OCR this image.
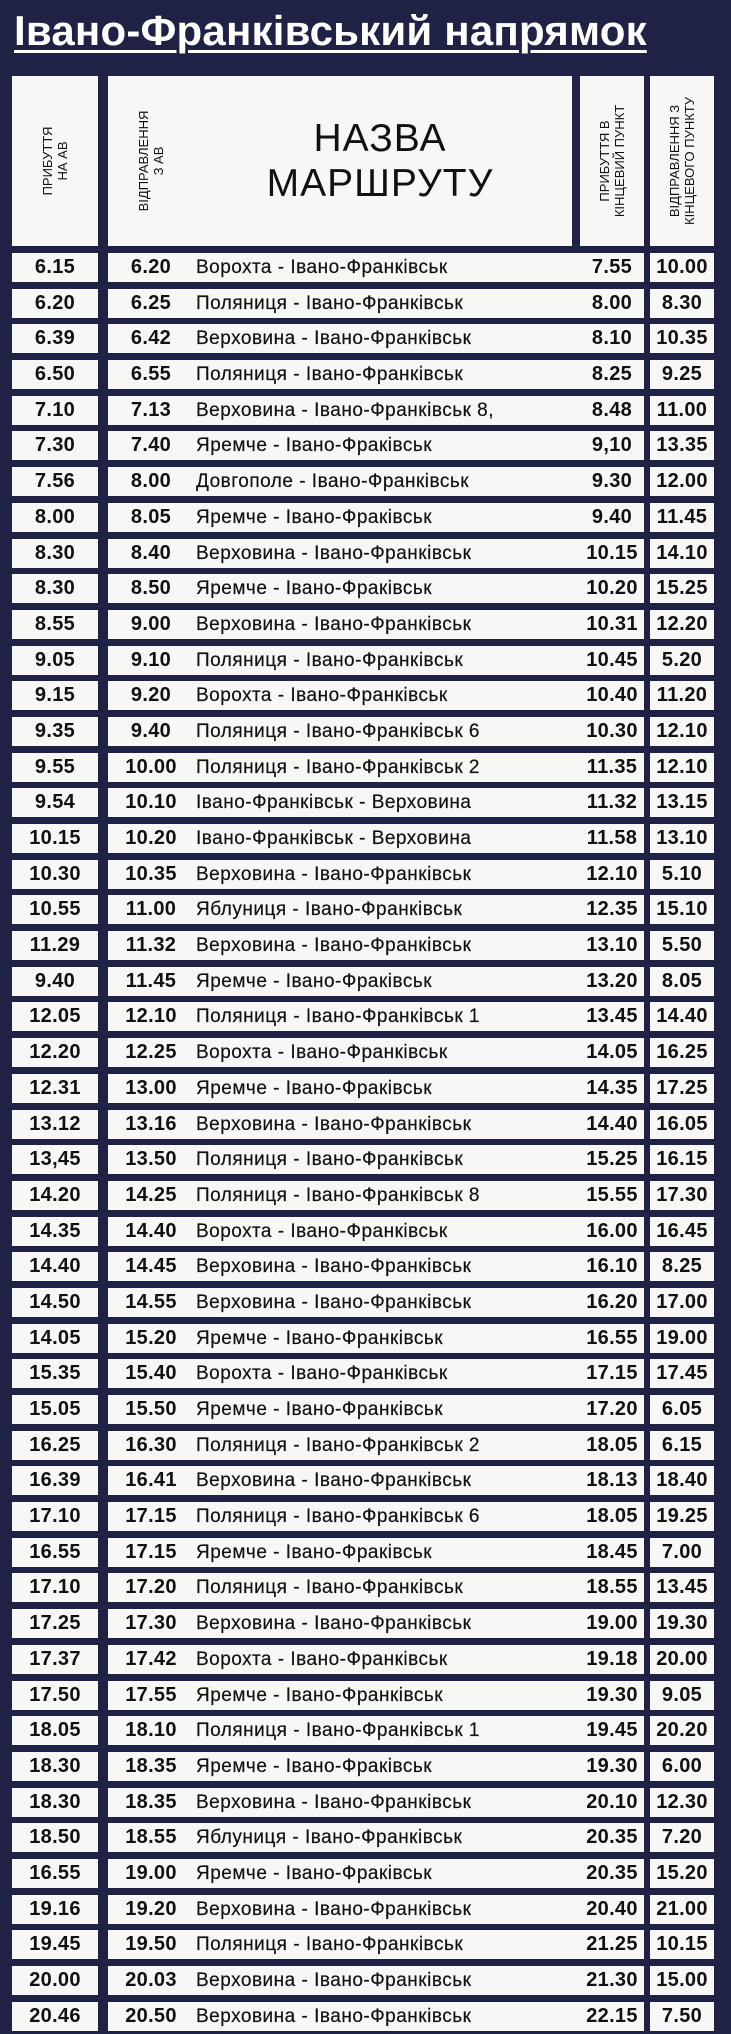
Івано-Франківський напрямок
ПРИБУТТЯ
НА АВ	ВІДПРАВЛЕННЯ
З АВ	НАЗВА
МАРШРУТУ	ПРИБУТТЯ В
КІНЦЕВИЙ ПУНКТ	ВІДПРАВЛЕННЯ З
КІНЦЕВОГО ПУНКТУ
6.15	6.20	Ворохта - Івано-Франківськ	7.55	10.00
6.20	6.25	Поляниця - Івано-Франківськ	8.00	8.30
6.39	6.42	Верховина - Івано-Франківськ	8.10	10.35
6.50	6.55	Поляниця - Івано-Франківськ	8.25	9.25
7.10	7.13	Верховина - Івано-Франківськ 8,	8.48	11.00
7.30	7.40	Яремче - Івано-Фраківськ	9,10	13.35
7.56	8.00	Довгополе - Івано-Франківськ	9.30	12.00
8.00	8.05	Яремче - Івано-Фраківськ	9.40	11.45
8.30	8.40	Верховина - Івано-Франківськ	10.15 14.10
8.30	8.50	Яремче - Івано-Фраківськ	10.20 15.25
8.55	9.00	Верховина - Івано-Франківськ	10.31 12.20
9.05	9.10	Поляниця - Івано-Франківськ	10.45	5.20
9.15	9.20	Ворохта - Івано-Франківськ	10.40 11.20
9.35	9.40	Поляниця - Івано-Франківськ 6	10.30 12.10
9.55	10.00	Поляниця - Івано-Франківськ 2	11.35 12.10
9.54	10.10	Івано-Франківськ - Верховина	11.32 13.15
10.15	10.20	Івано-Франківськ - Верховина	11.58 13.10
10.30	10.35	Верховина - Івано-Франківськ	12.10	5.10
10.55	11.00	Яблуниця - Івано-Франківськ	12.35 15.10
11.29	11.32	Верховина - Івано-Франківськ	13.10	5.50
9.40	11.45	Яремче - Івано-Фраківськ	13.20	8.05
12.05	12.10	Поляниця - Івано-Франківськ 1	13.45 14.40
12.20	12.25	Ворохта - Івано-Франківськ	14.05 16.25
12.31	13.00	Яремче - Івано-Фраківськ	14.35 17.25
13.12	13.16	Верховина - Івано-Франківськ	14.40 16.05
13,45	13.50	Поляниця - Івано-Франківськ	15.25 16.15
14.20	14.25	Поляниця - Івано-Франківськ 8	15.55 17.30
14.35	14.40	Ворохта - Івано-Франківськ	16.00 16.45
14.40	14.45	Верховина - Івано-Франківськ	16.10	8.25
14.50	14.55	Верховина - Івано-Франківськ	16.20 17.00
14.05	15.20	Яремче - Івано-Франківськ	16.55 19.00
15.35	15.40	Ворохта - Івано-Франківськ	17.15 17.45
15.05	15.50	Яремче - Івано-Франківськ	17.20	6.05
16.25	16.30	Поляниця - Івано-Франківськ 2	18.05	6.15
16.39	16.41	Верховина - Івано-Франківськ	18.13 18.40
17.10	17.15	Поляниця - Івано-Франківськ 6	18.05 19.25
16.55	17.15	Яремче - Івано-Фраківськ	18.45	7.00
17.10	17.20	Поляниця - Івано-Франківськ	18.55 13.45
17.25	17.30	Верховина - Івано-Франківськ	19.00 19.30
17.37	17.42	Ворохта - Івано-Франківськ	19.18 20.00
17.50	17.55	Яремче - Івано-Франківськ	19.30	9.05
18.05	18.10	Поляниця - Івано-Франківськ 1	19.45 20.20
18.30	18.35	Яремче - Івано-Фраківськ	19.30	6.00
18.30	18.35	Верховина - Івано-Франківськ	20.10 12.30
18.50	18.55	Яблуниця - Івано-Франківськ	20.35	7.20
16.55	19.00	Яремче - Івано-Фраківськ	20.35 15.20
19.16	19.20	Верховина - Івано-Франківськ	20.40 21.00
19.45	19.50	Поляниця - Івано-Франківськ	21.25 10.15
20.00	20.03	Верховина - Івано-Франківськ	21.30 15.00
20.46	20.50	Верховина - Івано-Франківськ	22.15	7.50
